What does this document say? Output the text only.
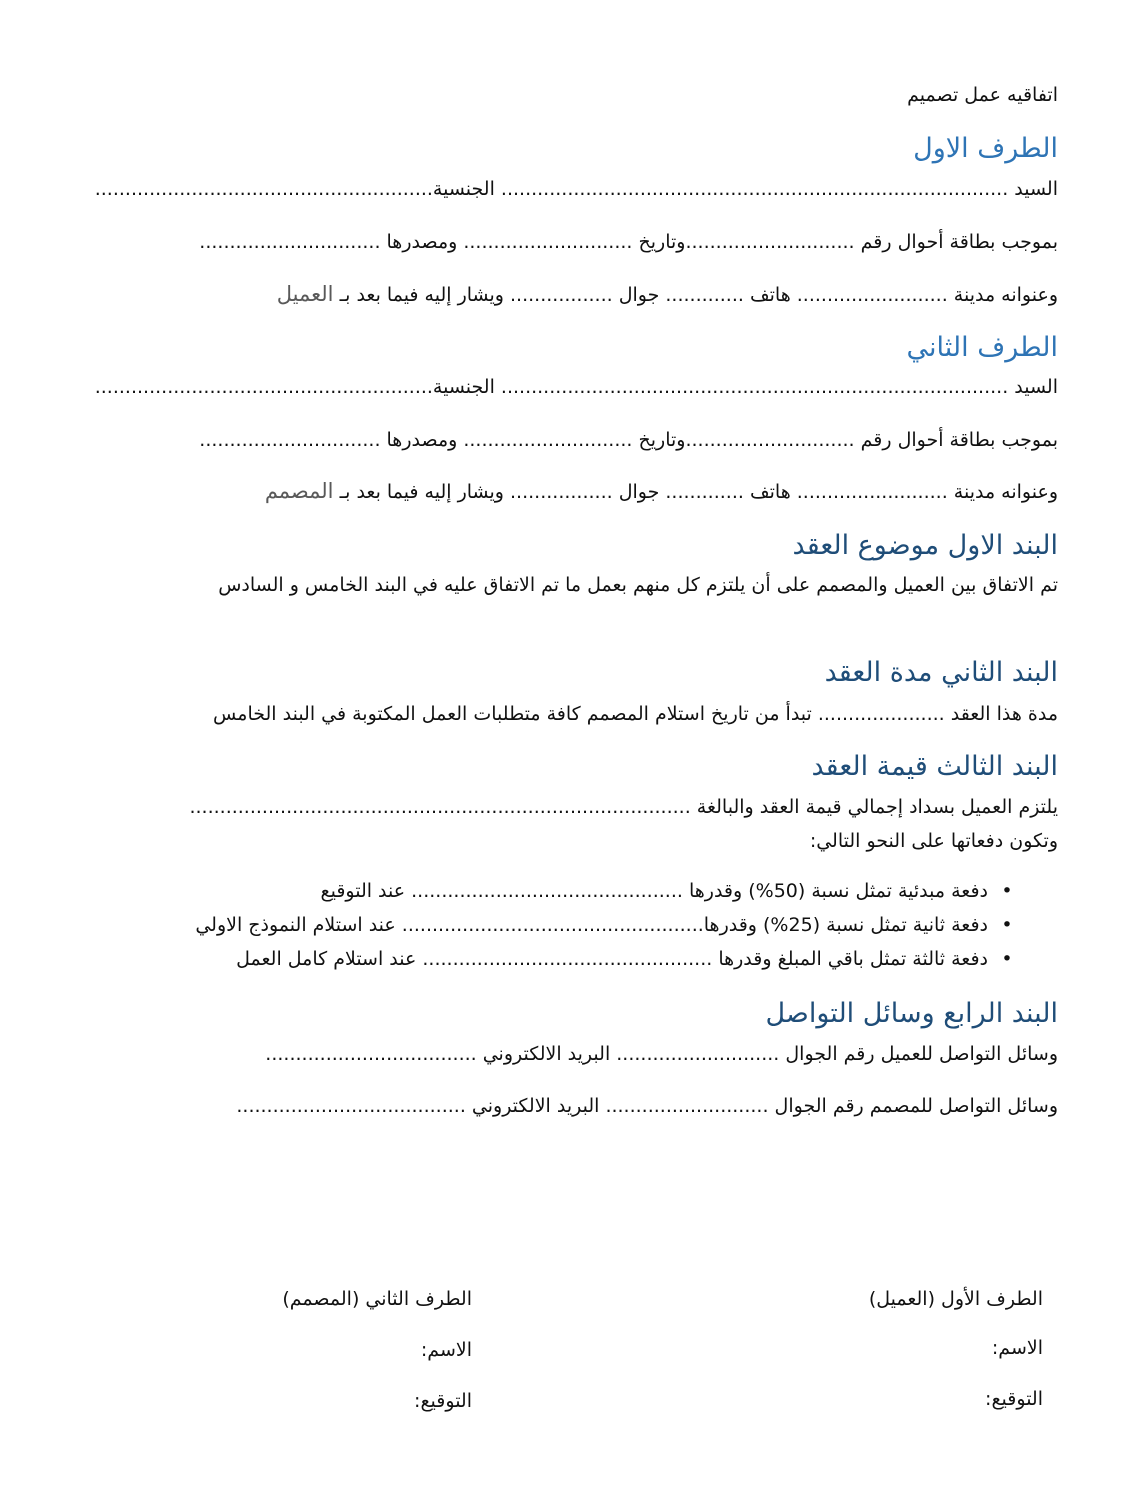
اتفاقيه عمل تصميم
الطرف الاول
السيد .................................................................................... الجنسية........................................................
بموجب بطاقة أحوال رقم ............................وتاريخ ............................ ومصدرها ..............................
وعنوانه مدينة ......................... هاتف ............. جوال ................. ويشار إليه فيما بعد بـ العميل
الطرف الثاني
السيد .................................................................................... الجنسية........................................................
بموجب بطاقة أحوال رقم ............................وتاريخ ............................ ومصدرها ..............................
وعنوانه مدينة ......................... هاتف ............. جوال ................. ويشار إليه فيما بعد بـ المصمم
البند الاول موضوع العقد
تم الاتفاق بين العميل والمصمم على أن يلتزم كل منهم بعمل ما تم الاتفاق عليه في البند الخامس و السادس
البند الثاني مدة العقد
مدة هذا العقد ..................... تبدأ من تاريخ استلام المصمم كافة متطلبات العمل المكتوبة في البند الخامس
البند الثالث قيمة العقد
يلتزم العميل بسداد إجمالي قيمة العقد والبالغة ...................................................................................
وتكون دفعاتها على النحو التالي:
•
دفعة مبدئية تمثل نسبة (50%) وقدرها ............................................. عند التوقيع
•
دفعة ثانية تمثل نسبة (25%) وقدرها.................................................. عند استلام النموذج الاولي
•
دفعة ثالثة تمثل باقي المبلغ وقدرها ................................................ عند استلام كامل العمل
البند الرابع وسائل التواصل
وسائل التواصل للعميل رقم الجوال ........................... البريد الالكتروني ...................................
وسائل التواصل للمصمم رقم الجوال ........................... البريد الالكتروني ......................................
الطرف الأول (العميل)
الاسم:
التوقيع:
الطرف الثاني (المصمم)
الاسم:
التوقيع:
